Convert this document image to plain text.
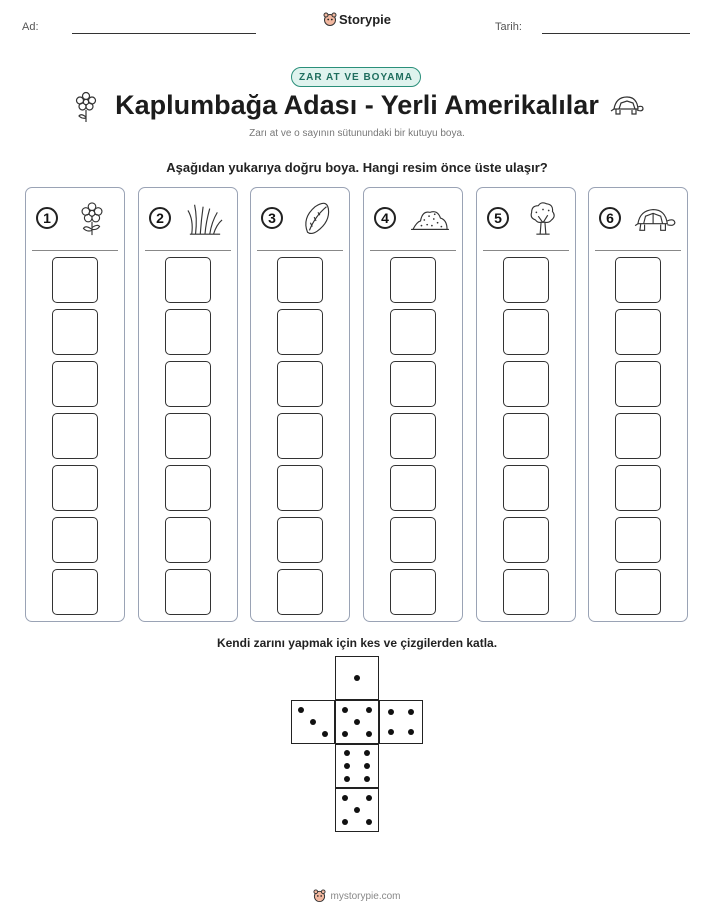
Ad:	Storypie	Tarih:
ZAR AT VE BOYAMA
Kaplumbağa Adası - Yerli Amerikalılar
Zarı at ve o sayının sütunundaki bir kutuyu boya.
Aşağıdan yukarıya doğru boya. Hangi resim önce üste ulaşır?
1	2	3	4	5	6
Kendi zarını yapmak için kes ve çizgilerden katla.
mystorypie.com
